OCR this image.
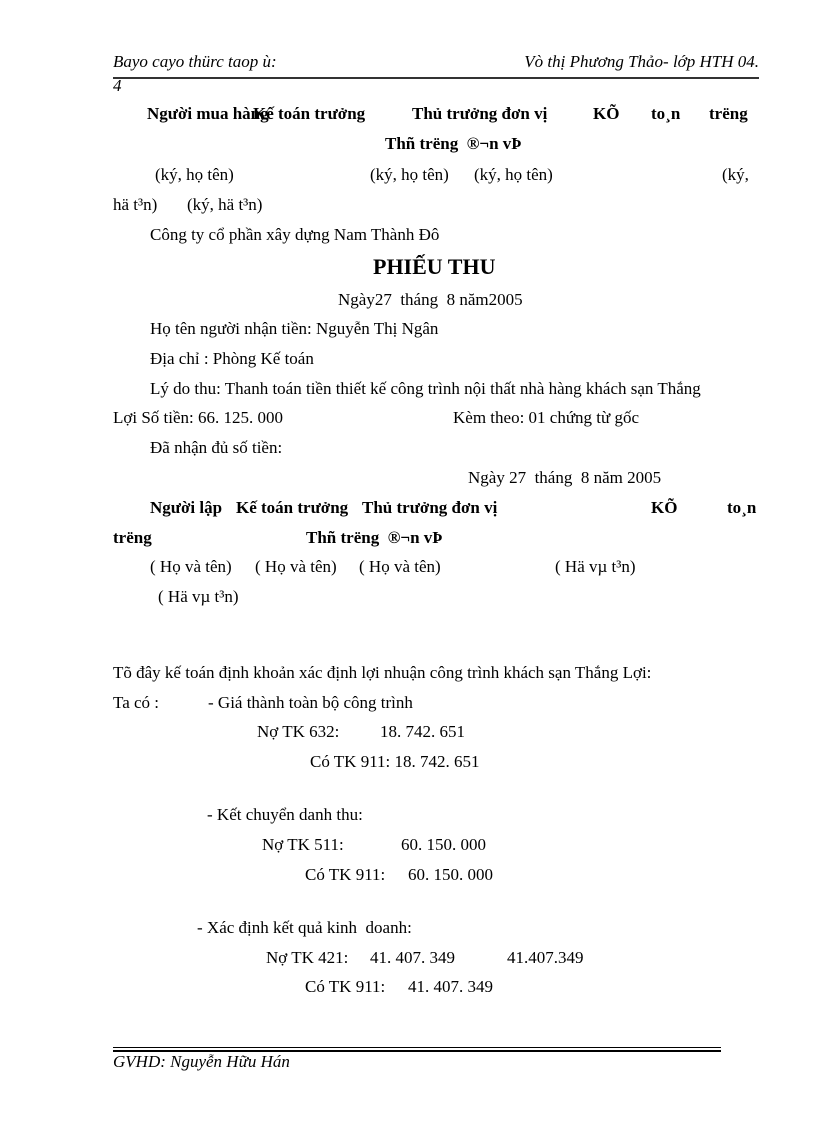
Bayo cayo thürc taop ù:	Vò thị Phương Thảo- lớp HTH 04.
4
Người mua hàng
Kế toán trưởng	Thủ trưởng đơn vị	KÕ to¸n trëng
Thñ trëng  ®¬n vÞ
(ký, họ tên)	(ký, họ tên) (ký, họ tên)	(ký,
hä t³n) (ký, hä t³n)
Công ty cổ phần xây dựng Nam Thành Đô
PHIẾU THU
Ngày27  tháng  8 năm2005
Họ tên người nhận tiền: Nguyễn Thị Ngân
Địa chỉ : Phòng Kế toán
Lý do thu: Thanh toán tiền thiết kế công trình nội thất nhà hàng khách sạn Thắng
Lợi Số tiền: 66. 125. 000	Kèm theo: 01 chứng từ gốc
Đã nhận đủ số tiền:
Ngày 27  tháng  8 năm 2005
Người lập Kế toán trưởng Thủ trưởng đơn vị	KÕ	to¸n
trëng	Thñ trëng  ®¬n vÞ
( Họ và tên) ( Họ và tên) ( Họ và tên)	( Hä vµ t³n)
( Hä vµ t³n)
Tõ đây kế toán định khoản xác định lợi nhuận công trình khách sạn Thắng Lợi:
Ta có :	- Giá thành toàn bộ công trình
Nợ TK 632: 18. 742. 651
Có TK 911: 18. 742. 651
- Kết chuyển danh thu:
Nợ TK 511:	60. 150. 000
Có TK 911: 60. 150. 000
- Xác định kết quả kinh  doanh:
Nợ TK 421: 41. 407. 349	41.407.349
Có TK 911: 41. 407. 349
GVHD: Nguyễn Hữu Hán
